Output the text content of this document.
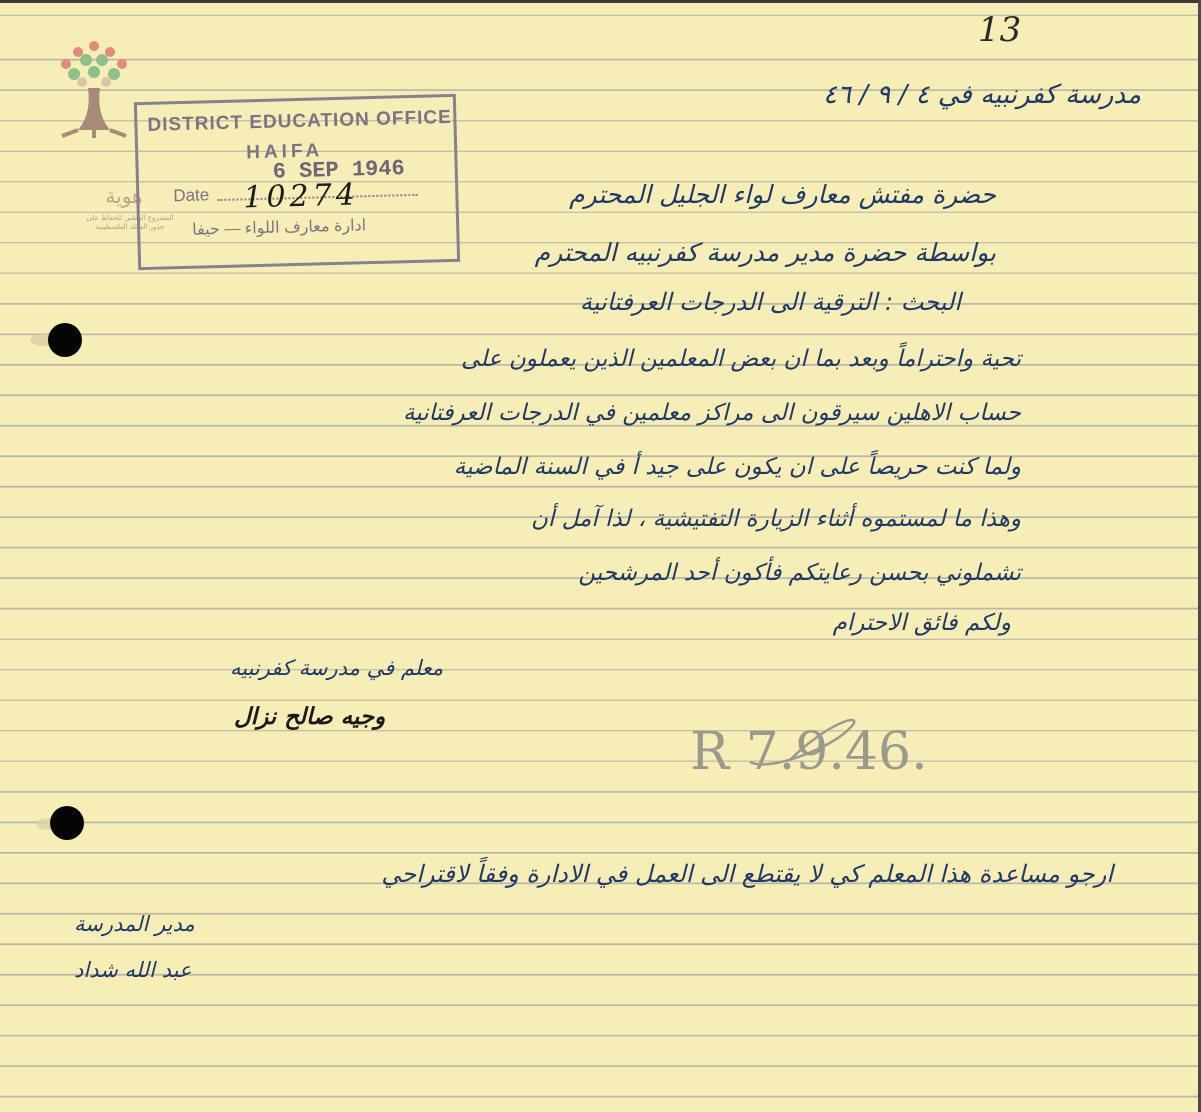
13
هوية
المشروع الوطني للحفاظ على جذور العائلة الفلسطينية
DISTRICT EDUCATION OFFICE
HAIFA
6 SEP 1946
Date 10274
ادارة معارف اللواء — حيفا
مدرسة كفرنبيه في ٤ / ٩ / ٤٦
حضرة مفتش معارف لواء الجليل المحترم
بواسطة حضرة مدير مدرسة كفرنبيه المحترم
البحث : الترقية الى الدرجات العرفتانية
تحية واحتراماً وبعد بما ان بعض المعلمين الذين يعملون على
حساب الاهلين سيرقون الى مراكز معلمين في الدرجات العرفتانية
ولما كنت حريصاً على ان يكون على جيد أ في السنة الماضية
وهذا ما لمستموه أثناء الزيارة التفتيشية ، لذا آمل أن
تشملوني بحسن رعايتكم فأكون أحد المرشحين
ولكم فائق الاحترام
معلم في مدرسة كفرنبيه
وجيه صالح نزال
R 7.9.46.
ارجو مساعدة هذا المعلم كي لا يقتطع الى العمل في الادارة وفقاً لاقتراحي
مدير المدرسة
عبد الله شداد
